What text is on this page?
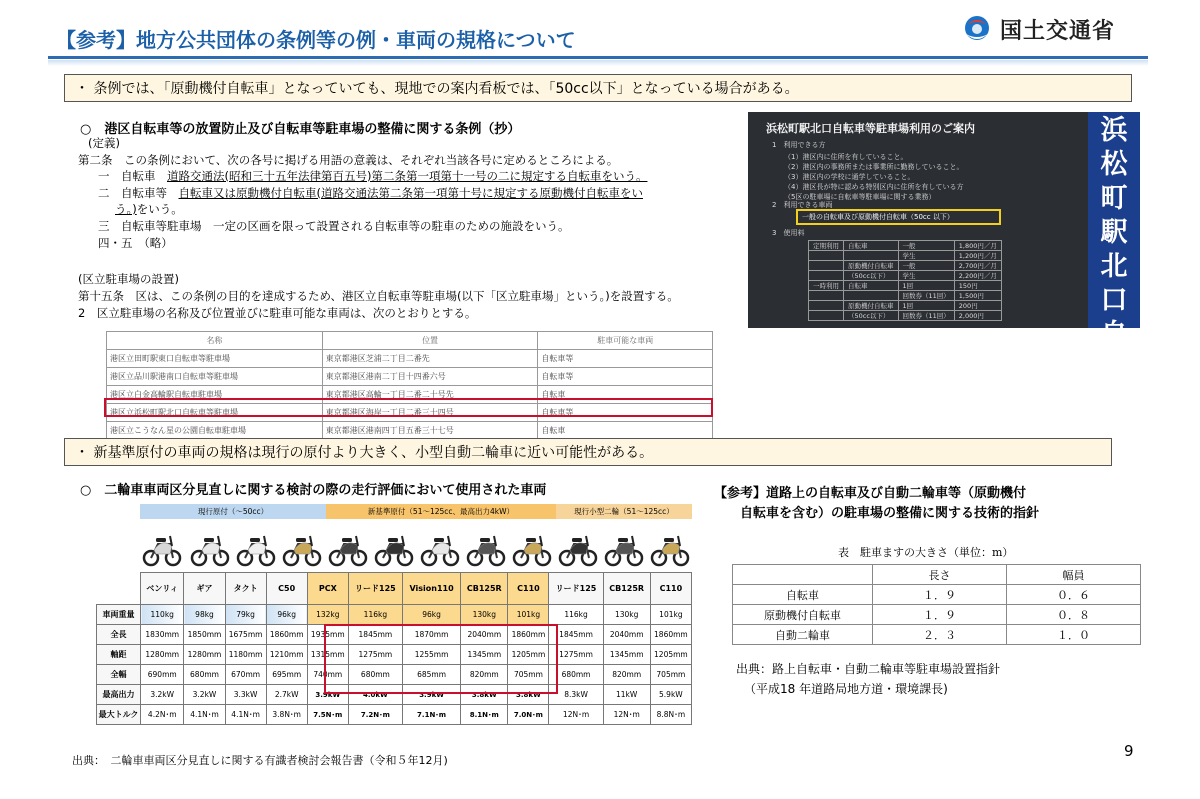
【参考】地方公共団体の条例等の例・車両の規格について	国土交通省
・ 条例では、「原動機付自転車」となっていても、現地での案内看板では、「50cc以下」となっている場合がある。
○　港区自転車等の放置防止及び自転車等駐車場の整備に関する条例（抄）
(定義)
第二条　この条例において、次の各号に掲げる用語の意義は、それぞれ当該各号に定めるところによる。
一　自転車　道路交通法(昭和三十五年法律第百五号)第二条第一項第十一号の二に規定する自転車をいう。
二　自転車等　自転車又は原動機付自転車(道路交通法第二条第一項第十号に規定する原動機付自転車をい
う。)をいう。
三　自転車等駐車場　一定の区画を限って設置される自転車等の駐車のための施設をいう。
四・五　（略）
(区立駐車場の設置)
第十五条　区は、この条例の目的を達成するため、港区立自転車等駐車場(以下「区立駐車場」という。)を設置する。
2　区立駐車場の名称及び位置並びに駐車可能な車両は、次のとおりとする。
浜松町駅北口自転車等駐車場利用のご案内
1　利用できる方
（1）港区内に住所を有していること。
（2）港区内の事務所または事業所に勤務していること。
（3）港区内の学校に通学していること。
（4）港区長が特に認める特別区内に住所を有している方
（5区の駐車場に自転車等駐車場に関する業務）
2　利用できる車両
一般の自転車及び原動機付自転車（50cc 以下）
3　使用料
定期利用	自転車	一般	1,800円／月
		学生	1,200円／月
	原動機付自転車	一般	2,700円／月
	（50cc以下）	学生	2,200円／月
一時利用	自転車	1回	150円
		回数券（11回）	1,500円
	原動機付自転車	1回	200円
	（50cc以下）	回数券（11回）	2,000円
浜松町駅北口自転車
名称	位置	駐車可能な車両
港区立田町駅東口自転車等駐車場	東京都港区芝浦二丁目二番先	自転車等
港区立品川駅港南口自転車等駐車場	東京都港区港南二丁目十四番六号	自転車等
港区立白金高輪駅自転車駐車場	東京都港区高輪一丁目二番二十号先	自転車
港区立浜松町駅北口自転車等駐車場	東京都港区海岸一丁目二番三十四号	自転車等
港区立こうなん星の公園自転車駐車場	東京都港区港南四丁目五番三十七号	自転車
・ 新基準原付の車両の規格は現行の原付より大きく、小型自動二輪車に近い可能性がある。
○　二輪車車両区分見直しに関する検討の際の走行評価において使用された車両
現行原付（～50cc）	新基準原付（51～125cc、最高出力4kW）	現行小型二輪（51～125cc）
	ベンリィ	ギア	タクト	C50	PCX	リード125	Vision110	CB125R	C110	リード125	CB125R	C110
車両重量	110kg	98kg	79kg	96kg	132kg	116kg	96kg	130kg	101kg	116kg	130kg	101kg
全長	1830mm	1850mm	1675mm	1860mm	1935mm	1845mm	1870mm	2040mm	1860mm	1845mm	2040mm	1860mm
軸距	1280mm	1280mm	1180mm	1210mm	1315mm	1275mm	1255mm	1345mm	1205mm	1275mm	1345mm	1205mm
全幅	690mm	680mm	670mm	695mm	740mm	680mm	685mm	820mm	705mm	680mm	820mm	705mm
最高出力	3.2kW	3.2kW	3.3kW	2.7kW	3.9kW	4.0kW	3.9kW	3.8kW	3.8kW	8.3kW	11kW	5.9kW
最大トルク	4.2N･m	4.1N･m	4.1N･m	3.8N･m	7.5N･m	7.2N･m	7.1N･m	8.1N･m	7.0N･m	12N･m	12N･m	8.8N･m
出典：　二輪車車両区分見直しに関する有識者検討会報告書（令和５年12月)
【参考】道路上の自転車及び自動二輪車等（原動機付
自転車を含む）の駐車場の整備に関する技術的指針
表　駐車ますの大きさ（単位：m）
	長さ	幅員
自転車	１．９	０．６
原動機付自転車	１．９	０．８
自動二輪車	２．３	１．０
出典：路上自転車・自動二輪車等駐車場設置指針
（平成18 年道路局地方道・環境課長)
9
